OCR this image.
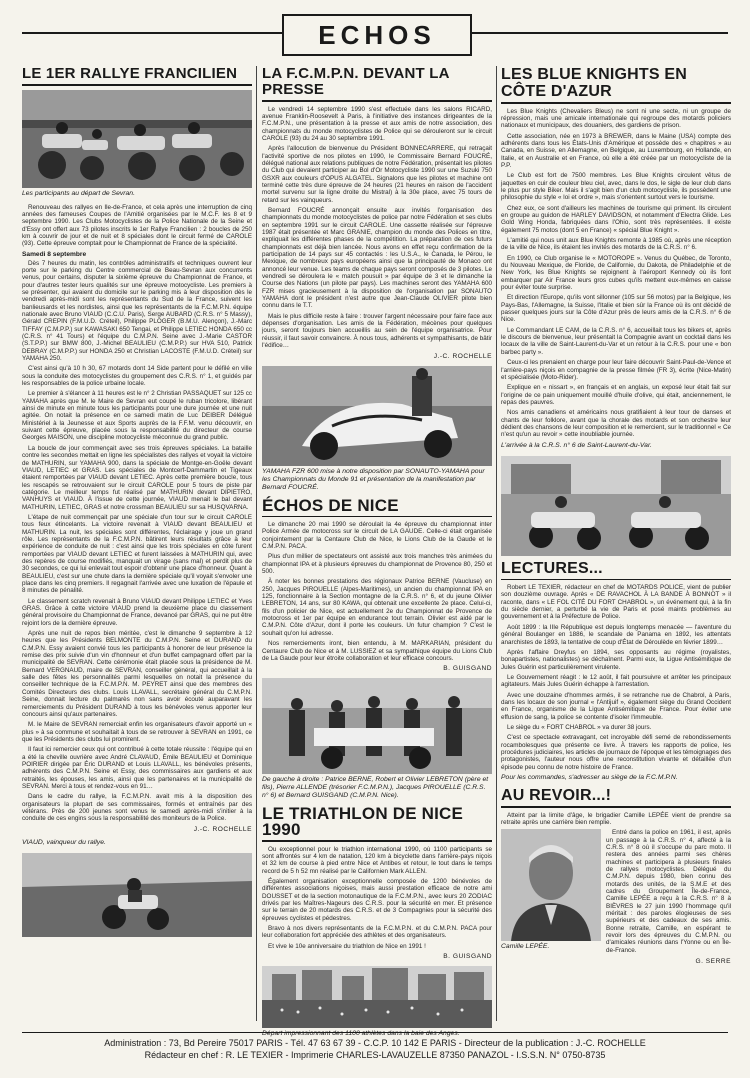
ECHOS
LE 1ER RALLYE FRANCILIEN
Les participants au départ de Sevran.

Renouveau des rallyes en Ile-de-France, et cela après une interruption de cinq années des fameuses Coupes de l'Amitié organisées par le M.C.F. les 8 et 9 septembre 1990. Les Clubs Motocyclistes de la Police Nationale de la Seine et d'Essy ont offert aux 73 pilotes inscrits le 1er Rallye Francilien : 2 boucles de 250 km à couvrir de jour et de nuit et 8 spéciales dont le circuit fermé de CAROLE (93). Cette épreuve comptait pour le Championnat de France de la spécialité.

Samedi 8 septembre

Dès 7 heures du matin, les contrôles administratifs et techniques ouvrent leur porte sur le parking du Centre commercial de Beau-Sevran aux concurrents venus, pour certains, disputer la sixième épreuve du Championnat de France, et pour d'autres tester leurs qualités sur une épreuve motocycliste. Les premiers à se présenter, qui avaient du domicile sur le parking mis à leur disposition dès le vendredi après-midi sont les représentants du Sud de la France, suivent les banlieusards et les nordistes, ainsi que les représentants de la F.C.M.P.N. équipe nationale avec Bruno VIAUD (C.C.U. Paris), Serge AUBARD (C.R.S. n° 5 Massy), Gérald CREPIN (F.M.U.D. Créteil), Philippe PLOGER (B.M.U. Alençon), J.-Marc TIFFAY (C.M.P.P.) sur KAWASAKI 650 Tengai, et Philippe LETIEC HONDA 650 cc (C.R.S. n° 41 Tours) et l'équipe du C.M.P.N. Seine avec J.-Marie CASTOR (S.T.P.P.) sur BMW 800, J.-Michel BEAULIEU (C.M.P.P.) sur HVA 510, Patrick DEBRAY (C.M.P.P.) sur HONDA 250 et Christian LACOSTE (F.M.U.D. Créteil) sur YAMAHA 250.

C'est ainsi qu'à 10 h 30, 67 motards dont 14 Side partent pour le défilé en ville sous la conduite des motocyclistes du groupement des C.R.S. n° 1, et guidés par les responsables de la police urbaine locale.

Le premier à s'élancer à 11 heures est le n° 2 Christian PASSAQUET sur 125 cc YAMAHA après que M. le Maire de Sevran eut coupé le ruban tricolore, libérant ainsi de minute en minute tous les participants pour une dure journée et une nuit agitée. On notait la présence en ce samedi matin de Luc DEIBER Délégué Ministériel à la Jeunesse et aux Sports auprès de la F.F.M. venu découvrir, en suivant cette épreuve, placée sous la responsabilité du directeur de course Georges MAISON, une discipline motocycliste méconnue du grand public.

La boucle de jour commençait avec ses trois épreuves spéciales. La bataille contre les secondes mettait en ligne les spécialistes des rallyes et voyait la victoire de MATHURIN, sur YAMAHA 900, dans la spéciale de Montge-en-Goële devant VIAUD, LETIEC et GRAS. Les spéciales de Montcerf-Dammartin et Tigeaux étaient remportées par VIAUD devant LETIEC. Après cette première boucle, tous les rescapés se retrouvaient sur le circuit CAROLE pour 5 tours de piste par catégorie. Le meilleur temps fut réalisé par MATHURIN devant DIPIETRO, VANHUYS et VIAUD. À l'issue de cette journée, VIAUD menait le bal devant MATHURIN, LETIEC, GRAS et notre crossman BEAULIEU sur sa HUSQVARNA.

L'étape de nuit commençait par une spéciale d'un tour sur le circuit CAROLE tous feux étincelants. La victoire revenait à VIAUD devant BEAULIEU et MATHURIN. La nuit, les spéciales sont différentes, l'éclairage y joue un grand rôle. Les représentants de la F.C.M.P.N. bâtirent leurs résultats grâce à leur expérience de conduite de nuit : c'est ainsi que les trois spéciales en côte furent remportées par VIAUD devant LETIEC et furent laissées à MATHURIN qui, avec des repères de course modifiés, manquait un virage (sans mal) et perdit plus de 30 secondes, ce qui lui enlevait tout espoir d'obtenir une place d'honneur. Quant à BEAULIEU, c'est sur une chute dans la dernière spéciale qu'il voyait s'envoler une place dans les cinq premiers. Il regagnait l'arrivée avec une luxation de l'épaule et 8 minutes de pénalité.

Le classement scratch revenait à Bruno VIAUD devant Philippe LETIEC et Yves GRAS. Grâce à cette victoire VIAUD prend la deuxième place du classement général provisoire du Championnat de France, devancé par GRAS, qui ne put être rejoint lors de la dernière épreuve.

Après une nuit de repos bien méritée, c'est le dimanche 9 septembre à 12 heures que les Présidents BELMONTE du C.M.P.N. Seine et DURAND du C.M.P.N. Essy avaient convié tous les participants à honorer de leur présence la remise des prix suivie d'un vin d'honneur et d'un buffet campagnard offert par la municipalité de SEVRAN. Cette cérémonie était placée sous la présidence de M. Bernard VERGNAUD, maire de SEVRAN, conseiller général, qui accueillait à la salle des fêtes les personnalités parmi lesquelles on notait la présence du conseiller technique de la F.C.M.P.N. M. PEYRET ainsi que des membres des Comités Directeurs des clubs. Louis LLAVALL, secrétaire général du C.M.P.N. Seine, donnait lecture du palmarès non sans avoir écouté auparavant les remerciements du Président DURAND à tous les bénévoles venus apporter leur concours ainsi qu'aux partenaires.

M. le Maire de SEVRAN remerciait enfin les organisateurs d'avoir apporté un « plus » à sa commune et souhaitait à tous de se retrouver à SEVRAN en 1991, ce que les Présidents des clubs lui promirent.

Il faut ici remercier ceux qui ont contribué à cette totale réussite : l'équipe qui en a été la cheville ouvrière avec André CLAVAUD, Émile BEAULIEU et Dominique POIRIER dirigée par Éric DURAND et Louis LLAVALL, les bénévoles présents, adhérents des C.M.P.N. Seine et Essy, des commissaires aux gardiens et aux retraités, les épouses, les amis, ainsi que les partenaires et la municipalité de SEVRAN. Merci à tous et rendez-vous en 91…

Dans le cadre du rallye, la F.C.M.P.N. avait mis à la disposition des organisateurs la plupart de ses commissaires, formés et entraînés par des vétérans. Près de 200 jeunes sont venus le samedi après-midi s'initier à la conduite de ces engins sous la responsabilité des moniteurs de la Police.

J.-C. ROCHELLE
VIAUD, vainqueur du rallye.
LA F.C.M.P.N. DEVANT LA PRESSE

Le vendredi 14 septembre 1990 s'est effectuée dans les salons RICARD, avenue Franklin-Roosevelt à Paris, à l'initiative des instances dirigeantes de la F.C.M.P.N., une présentation à la presse et aux amis de notre association, des championnats du monde motocyclistes de Police qui se dérouleront sur le circuit CAROLE (93) du 24 au 30 septembre 1991.

Après l'allocution de bienvenue du Président BONNECARRERE, qui retraçait l'activité sportive de nos pilotes en 1990, le Commissaire Bernard FOUCRÉ, délégué national aux relations publiques de notre Fédération, présentait les pilotes du Club qui devaient participer au Bol d'Or Motocycliste 1990 sur une Suzuki 750 GSXR aux couleurs d'OPUS ALGATEL. Signalons que les pilotes et machine ont terminé cette très dure épreuve de 24 heures (21 heures en raison de l'accident mortel survenu sur la ligne droite du Mistral) à la 30e place, avec 75 tours de retard sur les vainqueurs.

Bernard FOUCRÉ annonçait ensuite aux invités l'organisation des championnats du monde motocyclistes de police par notre Fédération et ses clubs en septembre 1991 sur le circuit CAROLE. Une cassette réalisée sur l'épreuve 1987 était présentée et Marc GRANIE, champion du monde des Polices en titre, expliquait les différentes phases de la compétition. La préparation de ces futurs championnats est déjà bien lancée. Nous avons en effet reçu confirmation de la participation de 14 pays sur 45 contactés : les U.S.A., le Canada, le Pérou, le Mexique, de nombreux pays européens ainsi que la principauté de Monaco ont annoncé leur venue. Les teams de chaque pays seront composés de 3 pilotes. Le vendredi se déroulera le « match pousuit » par équipe de 3 et le dimanche la Course des Nations (un pilote par pays). Les machines seront des YAMAHA 600 FZR mises gracieusement à la disposition de l'organisation par SONAUTO YAMAHA dont le président n'est autre que Jean-Claude OLIVIER pilote bien connu dans le T.T.

Mais le plus difficile reste à faire : trouver l'argent nécessaire pour faire face aux dépenses d'organisation. Les amis de la Fédération, mécènes pour quelques jours, seront toujours bien accueillis au sein de l'équipe organisatrice. Pour réussir, il faut savoir convaincre. À nous tous, adhérents et sympathisants, de bâtir l'édifice…

J.-C. ROCHELLE
YAMAHA FZR 600 mise à notre disposition par SONAUTO-YAMAHA pour les Championnats du Monde 91 et présentation de la manifestation par Bernard FOUCRÉ.
ÉCHOS DE NICE

Le dimanche 20 mai 1990 se déroulait la 4e épreuve du championnat inter Police Armée de motocross sur le circuit de LA GAUDE. Celle-ci était organisée conjointement par la Centaure Club de Nice, le Lions Club de la Gaude et le C.M.P.N. PACA.

Plus d'un millier de spectateurs ont assisté aux trois manches très animées du championnat IPA et à plusieurs épreuves du championnat de Provence 80, 250 et 500.

À noter les bonnes prestations des régionaux Patrice BERNE (Vaucluse) en 250, Jacques PIROUELLE (Alpes-Maritimes), un ancien du championnat IPA en 125, fonctionnaire à la Section montagne de la C.R.S. n° 6, et du jeune Olivier LEBRETON, 14 ans, sur 80 KAWA, qui obtenait une excellente 2e place. Celui-ci, fils d'un policier de Nice, est actuellement 2e du Championnat de Provence de motocross et 1er par équipe en endurance tout terrain. Olivier est aidé par le C.M.P.N. Côte d'Azur, dont il porte les couleurs. Un futur champion ? C'est le souhait qu'on lui adresse.

Nos remerciements iront, bien entendu, à M. MARKARIAN, président du Centaure Club de Nice et à M. LUSSIEZ et sa sympathique équipe du Lions Club de La Gaude pour leur étroite collaboration et leur efficace concours.

B. GUISGAND
De gauche à droite : Patrice BERNE, Robert et Olivier LEBRETON (père et fils), Pierre ALLENDE (trésorier F.C.M.P.N.), Jacques PIROUELLE (C.R.S. n° 6) et Bernard GUISGAND (C.M.P.N. Nice).
LE TRIATHLON DE NICE 1990

Ou exceptionnel pour le triathlon international 1990, où 1100 participants se sont affrontés sur 4 km de natation, 120 km à bicyclette dans l'arrière-pays niçois et 32 km de course à pied entre Nice et Antibes et retour, le tout dans le temps record de 5 h 52 mn réalisé par le Californien Mark ALLEN.

Également organisation exceptionnelle composée de 1200 bénévoles de différentes associations niçoises, mais aussi prestation efficace de notre ami DOUSSET et de la section motonautique de la F.C.M.P.N., avec leurs 20 ZODIAC drivés par les Maîtres-Nageurs des C.R.S. pour la sécurité en mer. Et présence sur le terrain de 20 motards des C.R.S. et de 3 Compagnies pour la sécurité des épreuves cyclistes et pédestres.

Bravo à nos divers représentants de la F.C.M.P.N. et du C.M.P.N. PACA pour leur collaboration fort appréciée des athlètes et des organisateurs.

Et vive le 10e anniversaire du triathlon de Nice en 1991 !

B. GUISGAND
Départ impressionnant des 1100 athlètes dans la baie des Anges.
LES BLUE KNIGHTS EN CÔTE D'AZUR

Les Blue Knights (Chevaliers Bleus) ne sont ni une secte, ni un groupe de répression, mais une amicale internationale qui regroupe des motards policiers nationaux et municipaux, des douaniers, des gardiens de prison.

Cette association, née en 1973 à BREWER, dans le Maine (USA) compte des adhérents dans tous les États-Unis d'Amérique et possède des « chapitres » au Canada, en Suisse, en Allemagne, en Belgique, au Luxembourg, en Hollande, en Italie, et en Australie et en France, où elle a été créée par un motocycliste de la P.P.

Le Club est fort de 7500 membres. Les Blue Knights circulent vêtus de jaquettes en cuir de couleur bleu ciel, avec, dans le dos, le sigle de leur club dans le plus pur style Biker. Mais il s'agit bien d'un club motocycliste, ils possèdent une philosophie du style « loi et ordre », mais s'orientent surtout vers le tourisme.

Chez eux, ce sont d'ailleurs les machines de tourisme qui priment. Ils circulent en groupe au guidon de HARLEY DAVIDSON, et notamment d'Electra Glide. Les Gold Wing Honda, fabriquées dans l'Ohio, sont très représentées. Il existe également 75 motos (dont 5 en France) « spécial Blue Knight ».

L'amitié qui nous unit aux Blue Knights remonte à 1985 où, après une réception de la ville de Nice, ils étaient les invités des motards de la C.R.S. n° 6.

En 1990, ce Club organise le « MOTOROPE ». Venus du Québec, de Toronto, du Nouveau Mexique, de Floride, de Californie, du Dakota, de Philadelphie et de New York, les Blue Knights se rejoignent à l'aéroport Kennedy où ils font embarquer par Air France leurs gros cubes qu'ils mettent eux-mêmes en caisse pour éviter toute surprise.

Et direction l'Europe, qu'ils vont sillonner (105 sur 56 motos) par la Belgique, les Pays-Bas, l'Allemagne, la Suisse, l'Italie et bien sûr la France où ils ont décidé de passer quelques jours sur la Côte d'Azur près de leurs amis de la C.R.S. n° 6 de Nice.

Le Commandant LE CAM, de la C.R.S. n° 6, accueillait tous les bikers et, après le discours de bienvenue, leur présentait la Compagnie avant un cocktail dans les locaux de la ville de Saint-Laurent-du-Var et un retour à la C.R.S. pour une « bon barbec party ».

Ceux-ci les prenaient en charge pour leur faire découvrir Saint-Paul-de-Vence et l'arrière-pays niçois en compagnie de la presse filmée (FR 3), écrite (Nice-Matin) et spécialisée (Moto-Rider).

Explique en « nissart », en français et en anglais, un exposé leur était fait sur l'origine de ce pain uniquement mouillé d'huile d'olive, qui était, anciennement, le repas des pauvres.

Nos amis canadiens et américains nous gratifiaient à leur tour de danses et chants de leur folklore, avant que la chorale des motards et son orchestre leur dédient des chansons de leur composition et le remercient, sur le traditionnel « Ce n'est qu'un au revoir » cette inoubliable journée.

L'arrivée à la C.R.S. n° 6 de Saint-Laurent-du-Var.
LECTURES...

Robert LE TEXIER, rédacteur en chef de MOTARDS POLICE, vient de publier son douzième ouvrage. Après « DE RAVACHOL À LA BANDE À BONNOT » il raconte, dans « LE FOL CITÉ DU FORT CHABROL », un événement qui, à la fin du siècle dernier, a perturbé la vie de Paris et posé maints problèmes au gouvernement et à la Préfecture de Police.

Août 1899 : la IIIe République est depuis longtemps menacée — l'aventure du général Boulanger en 1886, le scandale de Panama en 1892, les attentats anarchistes de 1893, la tentative de coup d'État de Déroulède en février 1899…

Après l'affaire Dreyfus en 1894, ses opposants au régime (royalistes, bonapartistes, nationalistes) se déchaînent. Parmi eux, la Ligue Antisémitique de Jules Guérin est particulièrement virulente.

Le Gouvernement réagit : le 12 août, il fait poursuivre et arrêter les principaux agitateurs. Mais Jules Guérin échappe à l'arrestation.

Avec une douzaine d'hommes armés, il se retranche rue de Chabrol, à Paris, dans les locaux de son journal « l'Antijuif », également siège du Grand Occident en France, organisme de la Ligue Antisémitique de France. Pour éviter une effusion de sang, la police se contente d'isoler l'immeuble.

Le siège du « FORT CHABROL » va durer 38 jours.

C'est ce spectacle extravagant, cet incroyable défi semé de rebondissements rocambolesques que présente ce livre. À travers les rapports de police, les procédures judiciaires, les articles de journaux de l'époque et les témoignages des protagonistes, l'auteur nous offre une reconstitution vivante et détaillée d'un épisode peu connu de notre histoire de France.

Pour les commandes, s'adresser au siège de la F.C.M.P.N.
AU REVOIR...!

Atteint par la limite d'âge, le brigadier Camille LEPÉE vient de prendre sa retraite après une carrière bien remplie.

Camille LEPÉE.

Entré dans la police en 1961, il est, après un passage à la C.R.S. n° 4, affecté à la C.R.S. n° 8 où il s'occupe du parc moto. Il restera des années parmi ses chères machines et participera à plusieurs finales de rallyes motocyclistes. Délégué du C.M.P.N. depuis 1980, bien connu des motards des unités, de la S.M.E et des cadres du Groupement Île-de-France, Camille LEPÉE a reçu à la C.R.S. n° 8 à BIÈVRES le 27 juin 1990 l'hommage qu'il méritait : des paroles élogieuses de ses supérieurs et des cadeaux de ses amis. Bonne retraite, Camille, en espérant te revoir lors des épreuves du C.M.P.N. ou d'amicales réunions dans l'Yonne ou en Île-de-France.

G. SERRE
Administration : 73, Bd Pereire 75017 PARIS - Tél. 47 63 67 39 - C.C.P. 10 142 E PARIS - Directeur de la publication : J.-C. ROCHELLE
Rédacteur en chef : R. LE TEXIER - Imprimerie CHARLES-LAVAUZELLE 87350 PANAZOL - I.S.S.N. N° 0750-8735
